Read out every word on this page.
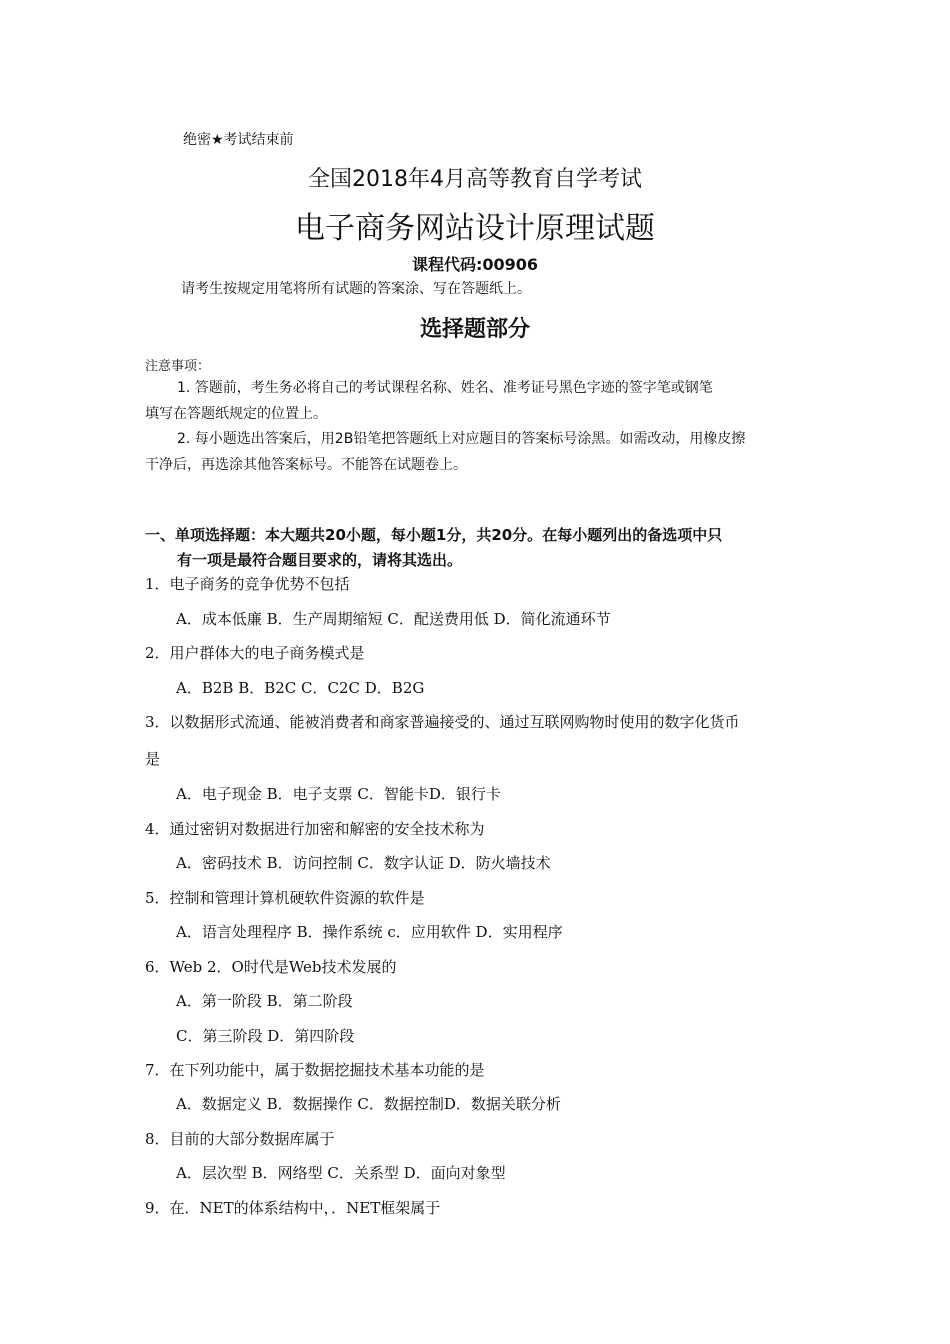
绝密★考试结束前
全国2018年4月高等教育自学考试
电子商务网站设计原理试题
课程代码:00906
请考生按规定用笔将所有试题的答案涂、写在答题纸上。
选择题部分
注意事项：
1. 答题前，考生务必将自己的考试课程名称、姓名、准考证号黑色字迹的签字笔或钢笔
填写在答题纸规定的位置上。
2. 每小题选出答案后，用2B铅笔把答题纸上对应题目的答案标号涂黑。如需改动，用橡皮擦
干净后，再选涂其他答案标号。不能答在试题卷上。
一、单项选择题：本大题共20小题，每小题1分，共20分。在每小题列出的备选项中只
有一项是最符合题目要求的，请将其选出。
1．电子商务的竞争优势不包括
A．成本低廉 B．生产周期缩短 C．配送费用低 D．简化流通环节
2．用户群体大的电子商务模式是
A．B2B B．B2C C．C2C D．B2G
3．以数据形式流通、能被消费者和商家普遍接受的、通过互联网购物时使用的数字化货币
是
A．电子现金 B．电子支票 C．智能卡D．银行卡
4．通过密钥对数据进行加密和解密的安全技术称为
A．密码技术 B．访问控制 C．数字认证 D．防火墙技术
5．控制和管理计算机硬软件资源的软件是
A．语言处理程序 B．操作系统 c．应用软件 D．实用程序
6．Web 2．O时代是Web技术发展的
A．第一阶段 B．第二阶段
C．第三阶段 D．第四阶段
7．在下列功能中，属于数据挖掘技术基本功能的是
A．数据定义 B．数据操作 C．数据控制D．数据关联分析
8．目前的大部分数据库属于
A．层次型 B．网络型 C．关系型 D．面向对象型
9．在．NET的体系结构中，．NET框架属于
